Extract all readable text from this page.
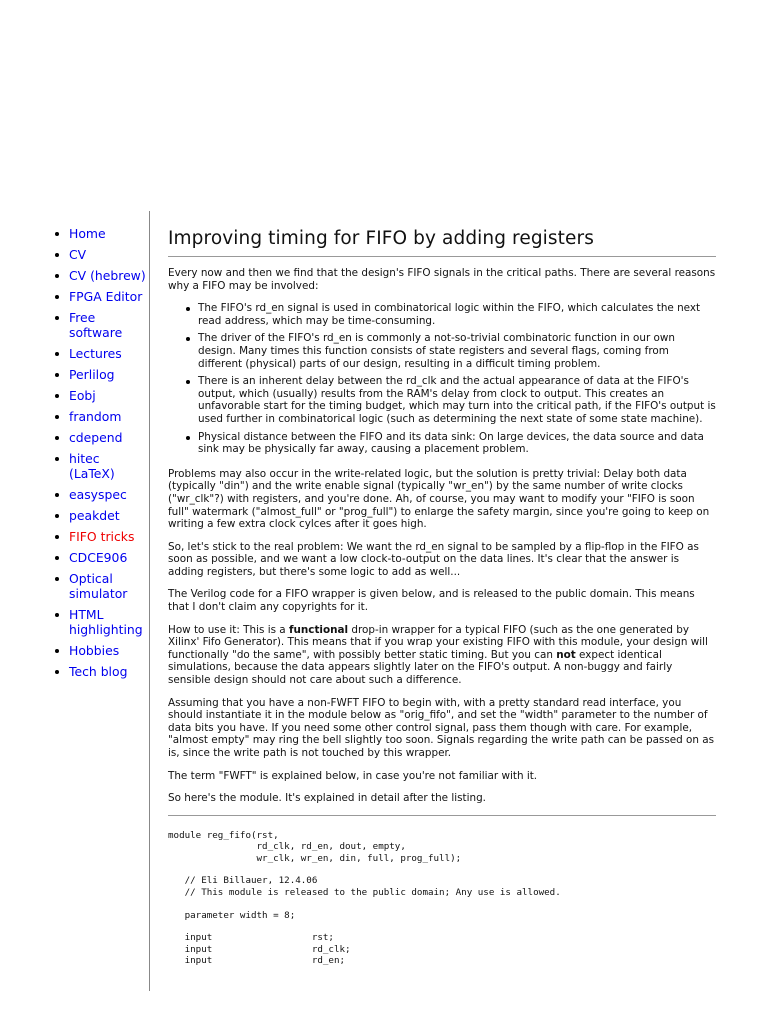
Home
CV
CV (hebrew)
FPGA Editor
Free software
Lectures
Perlilog
Eobj
frandom
cdepend
hitec (LaTeX)
easyspec
peakdet
FIFO tricks
CDCE906
Optical simulator
HTML highlighting
Hobbies
Tech blog
Improving timing for FIFO by adding registers

Every now and then we find that the design's FIFO signals in the critical paths. There are several reasons why a FIFO may be involved:

The FIFO's rd_en signal is used in combinatorical logic within the FIFO, which calculates the next read address, which may be time-consuming.
The driver of the FIFO's rd_en is commonly a not-so-trivial combinatoric function in our own design. Many times this function consists of state registers and several flags, coming from different (physical) parts of our design, resulting in a difficult timing problem.
There is an inherent delay between the rd_clk and the actual appearance of data at the FIFO's output, which (usually) results from the RAM's delay from clock to output. This creates an unfavorable start for the timing budget, which may turn into the critical path, if the FIFO's output is used further in combinatorical logic (such as determining the next state of some state machine).
Physical distance between the FIFO and its data sink: On large devices, the data source and data sink may be physically far away, causing a placement problem.

Problems may also occur in the write-related logic, but the solution is pretty trivial: Delay both data (typically "din") and the write enable signal (typically "wr_en") by the same number of write clocks ("wr_clk"?) with registers, and you're done. Ah, of course, you may want to modify your "FIFO is soon full" watermark ("almost_full" or "prog_full") to enlarge the safety margin, since you're going to keep on writing a few extra clock cylces after it goes high.

So, let's stick to the real problem: We want the rd_en signal to be sampled by a flip-flop in the FIFO as soon as possible, and we want a low clock-to-output on the data lines. It's clear that the answer is adding registers, but there's some logic to add as well...

The Verilog code for a FIFO wrapper is given below, and is released to the public domain. This means that I don't claim any copyrights for it.

How to use it: This is a functional drop-in wrapper for a typical FIFO (such as the one generated by Xilinx' Fifo Generator). This means that if you wrap your existing FIFO with this module, your design will functionally "do the same", with possibly better static timing. But you can not expect identical simulations, because the data appears slightly later on the FIFO's output. A non-buggy and fairly sensible design should not care about such a difference.

Assuming that you have a non-FWFT FIFO to begin with, with a pretty standard read interface, you should instantiate it in the module below as "orig_fifo", and set the "width" parameter to the number of data bits you have. If you need some other control signal, pass them though with care. For example, "almost empty" may ring the bell slightly too soon. Signals regarding the write path can be passed on as is, since the write path is not touched by this wrapper.

The term "FWFT" is explained below, in case you're not familiar with it.

So here's the module. It's explained in detail after the listing.

module reg_fifo(rst,
rd_clk, rd_en, dout, empty,
wr_clk, wr_en, din, full, prog_full);

// Eli Billauer, 12.4.06
// This module is released to the public domain; Any use is allowed.

parameter width = 8;

input                  rst;
input                  rd_clk;
input                  rd_en;
